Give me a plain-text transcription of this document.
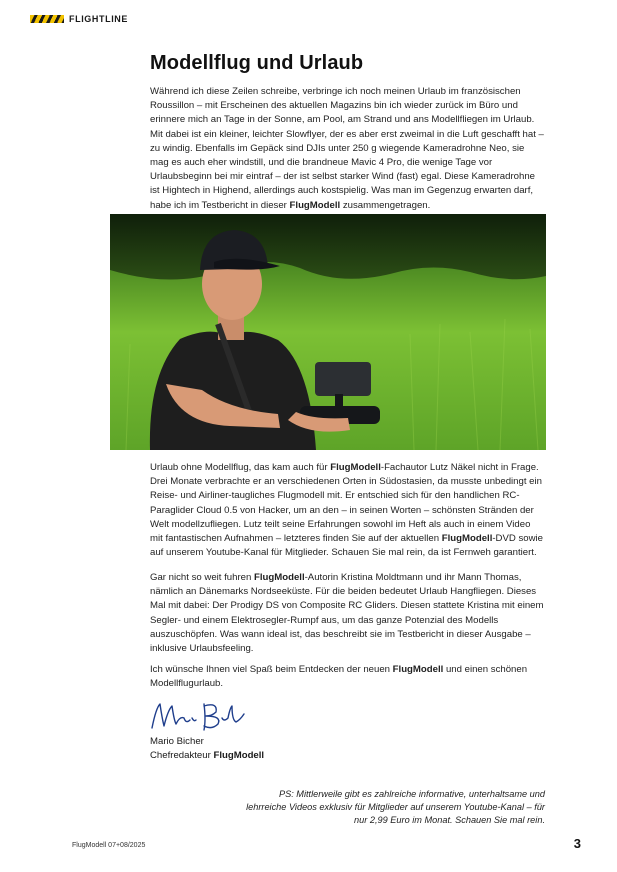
FLIGHTLINE
Modellflug und Urlaub

Während ich diese Zeilen schreibe, verbringe ich noch meinen Urlaub im französischen Roussillon – mit Erscheinen des aktuellen Magazins bin ich wieder zurück im Büro und erinnere mich an Tage in der Sonne, am Pool, am Strand und ans Modellfliegen im Urlaub. Mit dabei ist ein kleiner, leichter Slowflyer, der es aber erst zweimal in die Luft geschafft hat – zu windig. Ebenfalls im Gepäck sind DJIs unter 250 g wiegende Kameradrohne Neo, sie mag es auch eher windstill, und die brandneue Mavic 4 Pro, die wenige Tage vor Urlaubsbeginn bei mir eintraf – der ist selbst starker Wind (fast) egal. Diese Kameradrohne ist Hightech in Highend, allerdings auch kostspielig. Was man im Gegenzug erwarten darf, habe ich im Testbericht in dieser FlugModell zusammengetragen.

Urlaub ohne Modellflug, das kam auch für FlugModell-Fachautor Lutz Näkel nicht in Frage. Drei Monate verbrachte er an verschiedenen Orten in Südostasien, da musste unbedingt ein Reise- und Airliner-taugliches Flugmodell mit. Er entschied sich für den handlichen RC-Paraglider Cloud 0.5 von Hacker, um an den – in seinen Worten – schönsten Stränden der Welt modellzufliegen. Lutz teilt seine Erfahrungen sowohl im Heft als auch in einem Video mit fantastischen Aufnahmen – letzteres finden Sie auf der aktuellen FlugModell-DVD sowie auf unserem Youtube-Kanal für Mitglieder. Schauen Sie mal rein, da ist Fernweh garantiert.

Gar nicht so weit fuhren FlugModell-Autorin Kristina Moldtmann und ihr Mann Thomas, nämlich an Dänemarks Nordseeküste. Für die beiden bedeutet Urlaub Hangfliegen. Dieses Mal mit dabei: Der Prodigy DS von Composite RC Gliders. Diesen stattete Kristina mit einem Segler- und einem Elektrosegler-Rumpf aus, um das ganze Potenzial des Modells auszuschöpfen. Was wann ideal ist, das beschreibt sie im Testbericht in dieser Ausgabe – inklusive Urlaubsfeeling.

Ich wünsche Ihnen viel Spaß beim Entdecken der neuen FlugModell und einen schönen Modellflugurlaub.

Mario Bicher
Chefredakteur FlugModell

PS: Mittlerweile gibt es zahlreiche informative, unterhaltsame und lehrreiche Videos exklusiv für Mitglieder auf unserem Youtube-Kanal – für nur 2,99 Euro im Monat. Schauen Sie mal rein.

FlugModell 07+08/2025	3
